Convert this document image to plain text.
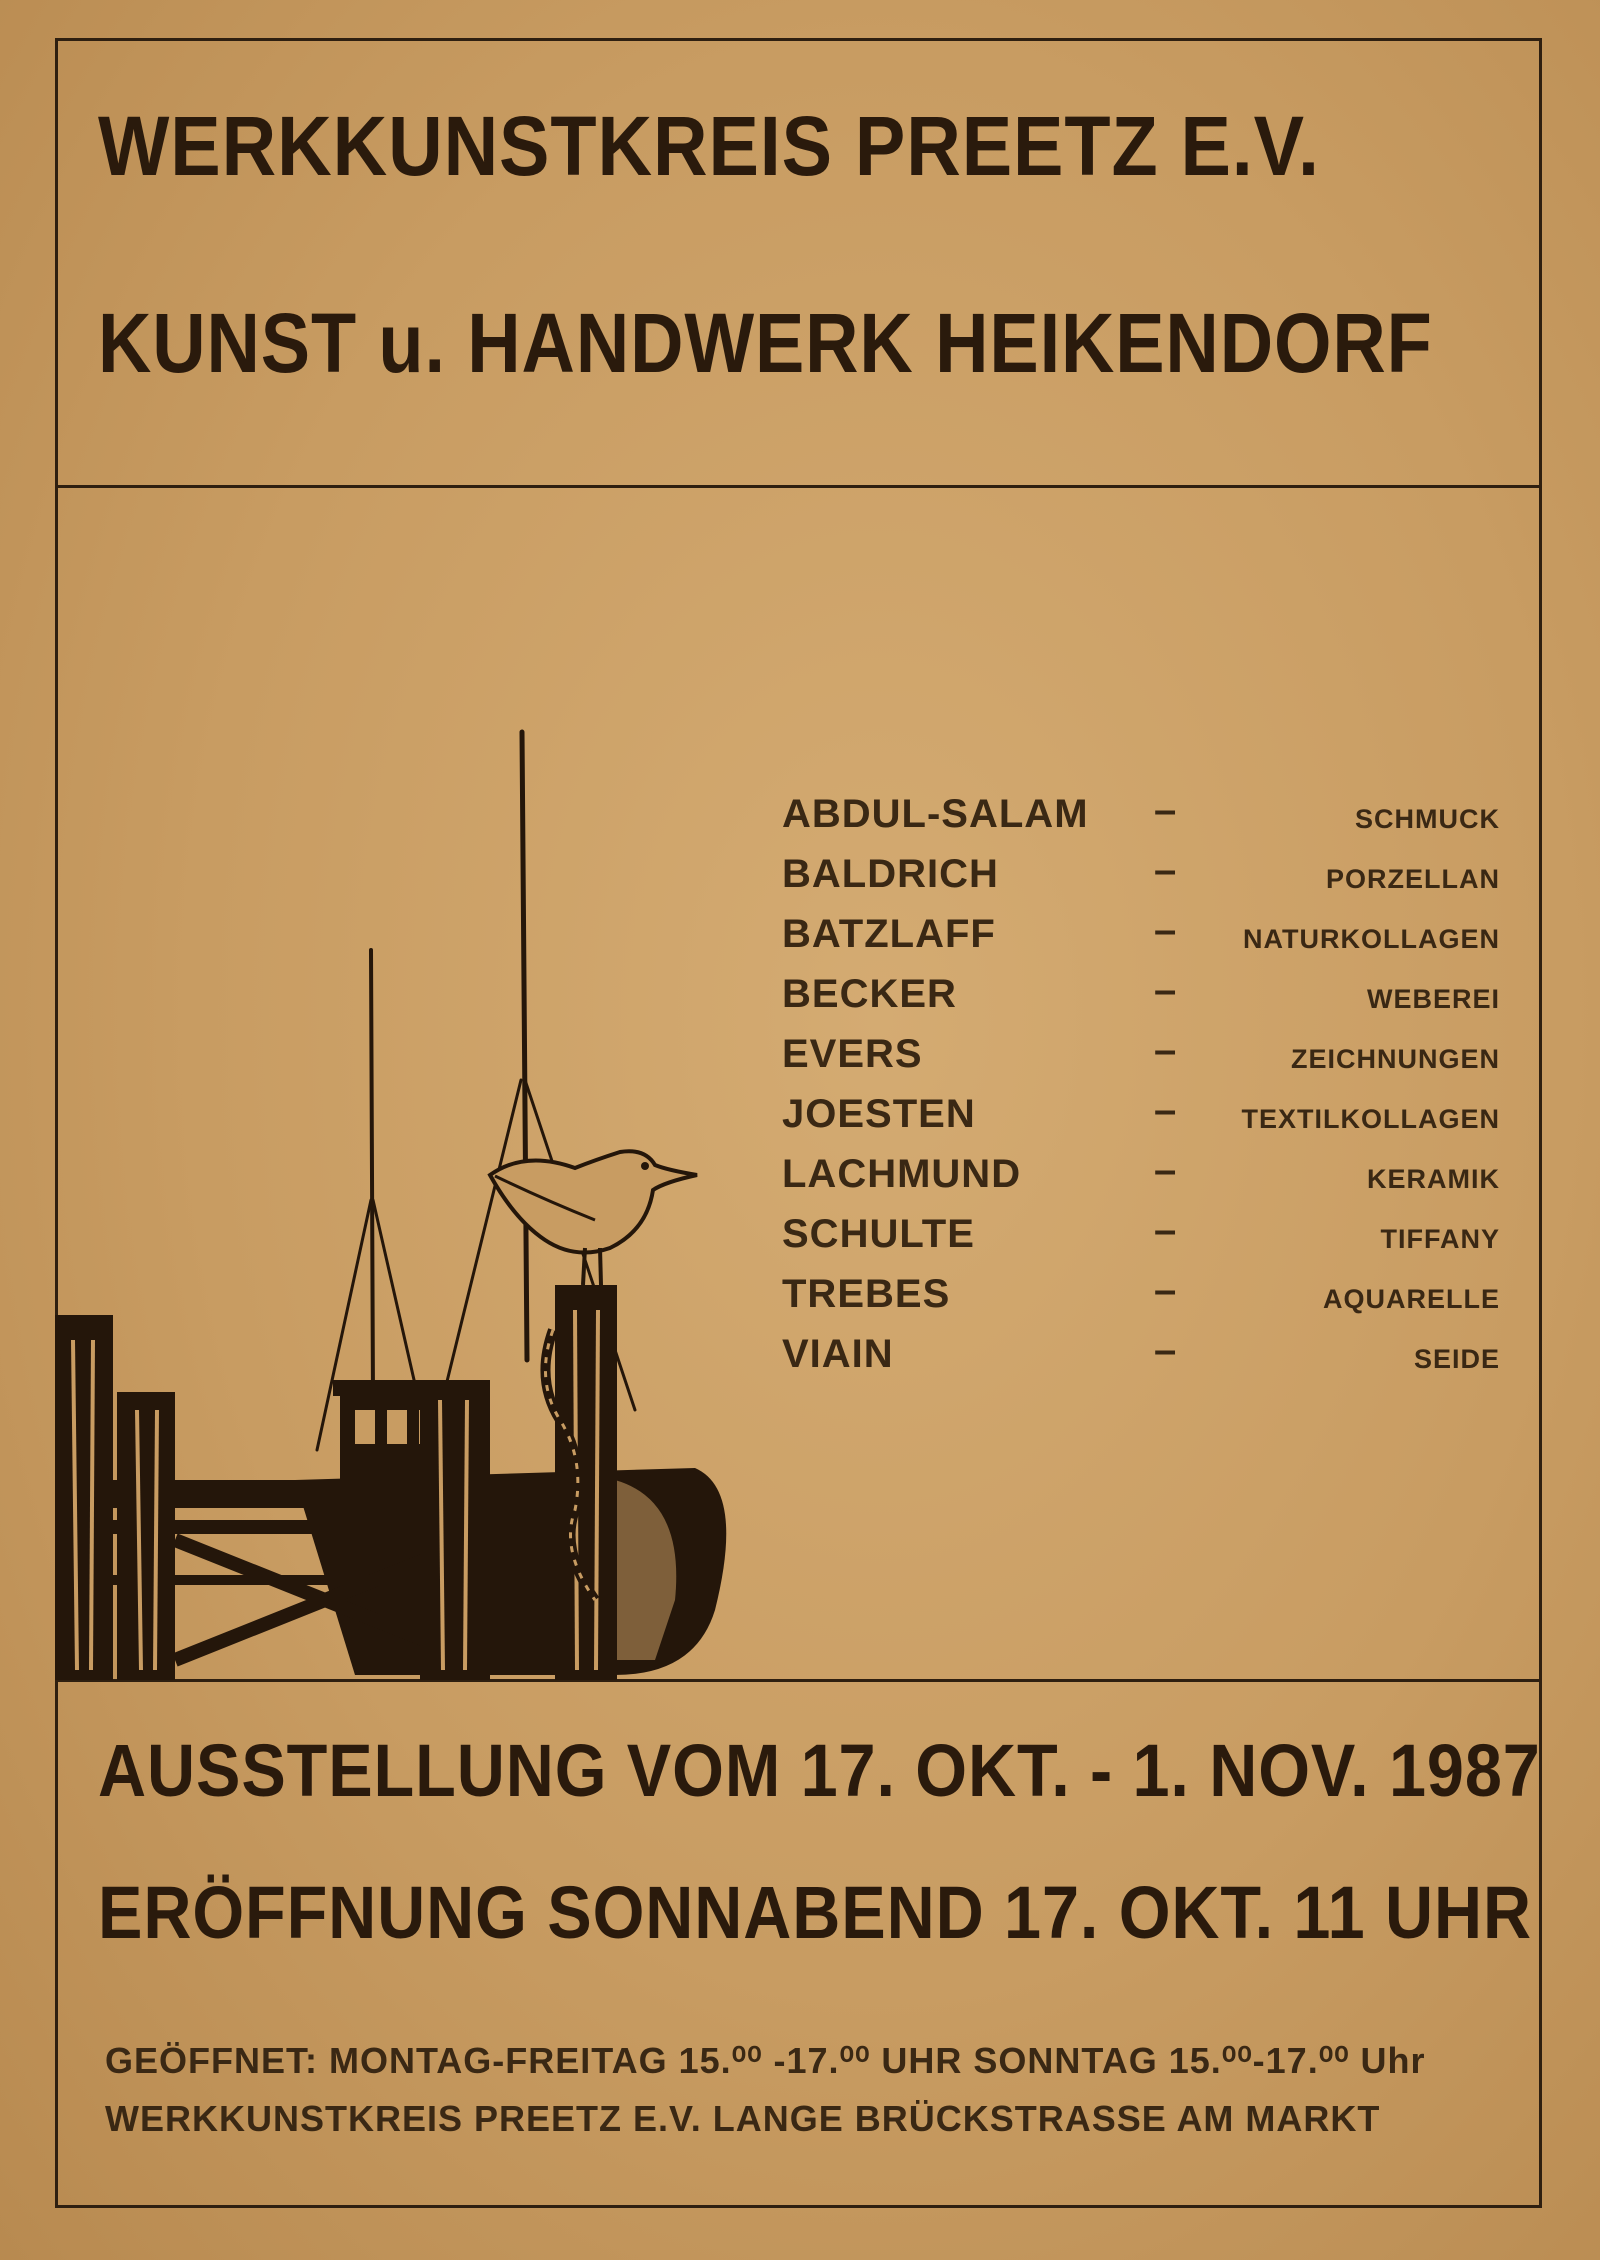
WERKKUNSTKREIS PREETZ E.V.
KUNST u. HANDWERK HEIKENDORF
ABDUL-SALAM –	SCHMUCK
BALDRICH	–	PORZELLAN
BATZLAFF	– NATURKOLLAGEN
BECKER	–	WEBEREI
EVERS	–	ZEICHNUNGEN
JOESTEN	– TEXTILKOLLAGEN
LACHMUND	–	KERAMIK
SCHULTE	–	TIFFANY
TREBES	–	AQUARELLE
VIAIN	–	SEIDE
AUSSTELLUNG VOM 17. OKT. - 1. NOV. 1987
ERÖFFNUNG SONNABEND 17. OKT. 11 UHR

GEÖFFNET: MONTAG-FREITAG 15.⁰⁰ -17.⁰⁰ UHR SONNTAG 15.⁰⁰-17.⁰⁰ Uhr

WERKKUNSTKREIS PREETZ E.V. LANGE BRÜCKSTRASSE AM MARKT
